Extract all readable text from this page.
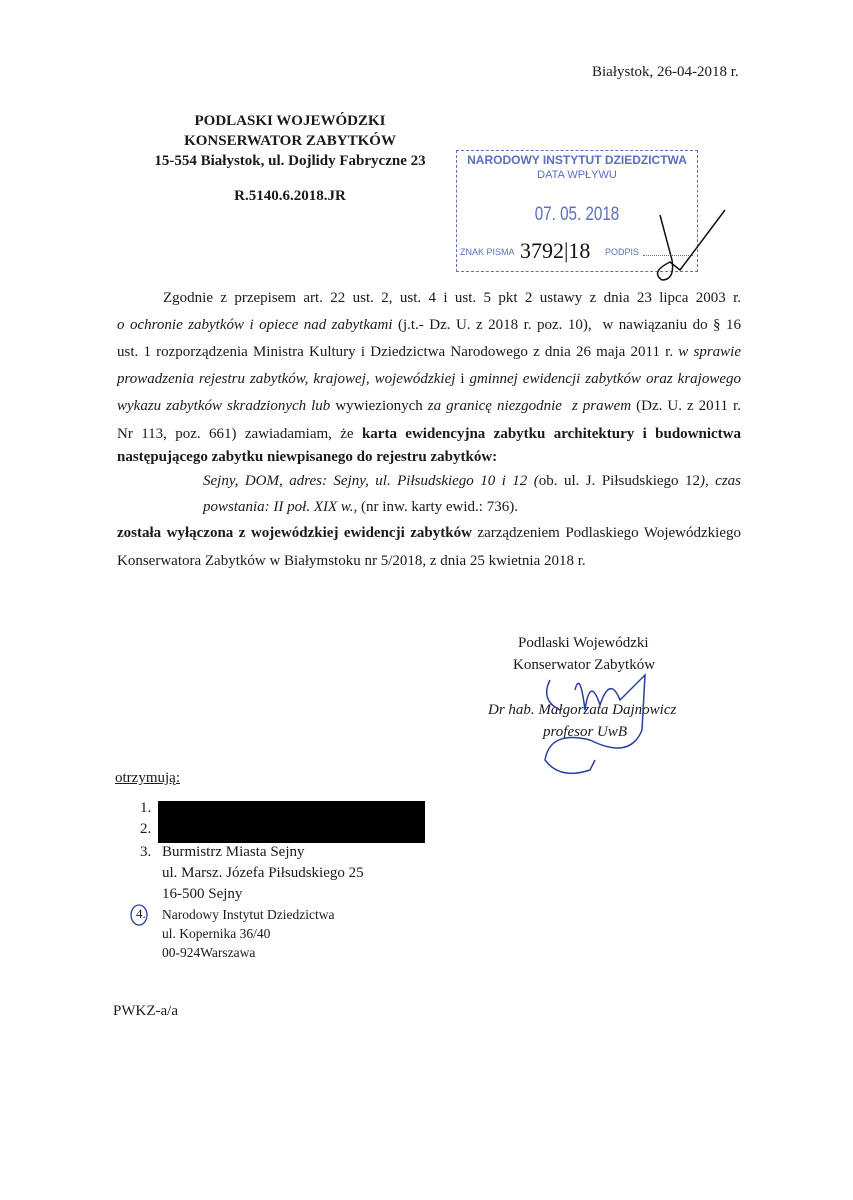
Białystok, 26-04-2018 r.
PODLASKI WOJEWÓDZKI
KONSERWATOR ZABYTKÓW
15-554 Białystok, ul. Dojlidy Fabryczne 23
R.5140.6.2018.JR
NARODOWY INSTYTUT DZIEDZICTWA
DATA WPŁYWU
07. 05. 2018
ZNAK PISMA	PODPIS
3792|18
Zgodnie z przepisem art. 22 ust. 2, ust. 4 i ust. 5 pkt 2 ustawy z dnia 23 lipca 2003 r.
o ochronie zabytków i opiece nad zabytkami (j.t.- Dz. U. z 2018 r. poz. 10),  w nawiązaniu do § 16
ust. 1 rozporządzenia Ministra Kultury i Dziedzictwa Narodowego z dnia 26 maja 2011 r. w sprawie
prowadzenia rejestru zabytków, krajowej, wojewódzkiej i gminnej ewidencji zabytków oraz krajowego
wykazu zabytków skradzionych lub wywiezionych za granicę niezgodnie  z prawem (Dz. U. z 2011 r.
Nr 113, poz. 661) zawiadamiam, że karta ewidencyjna zabytku architektury i budownictwa
następującego zabytku niewpisanego do rejestru zabytków:
Sejny, DOM, adres: Sejny, ul. Piłsudskiego 10 i 12 (ob. ul. J. Piłsudskiego 12), czas
powstania: II poł. XIX w., (nr inw. karty ewid.: 736).
została wyłączona z wojewódzkiej ewidencji zabytków zarządzeniem Podlaskiego Wojewódzkiego
Konserwatora Zabytków w Białymstoku nr 5/2018, z dnia 25 kwietnia 2018 r.
Podlaski Wojewódzki
Konserwator Zabytków
Dr hab. Małgorzata Dajnowicz
profesor UwB
otrzymują:
1.
2.
3. Burmistrz Miasta Sejny
ul. Marsz. Józefa Piłsudskiego 25
16-500 Sejny
4. Narodowy Instytut Dziedzictwa
ul. Kopernika 36/40
00-924Warszawa
PWKZ-a/a
